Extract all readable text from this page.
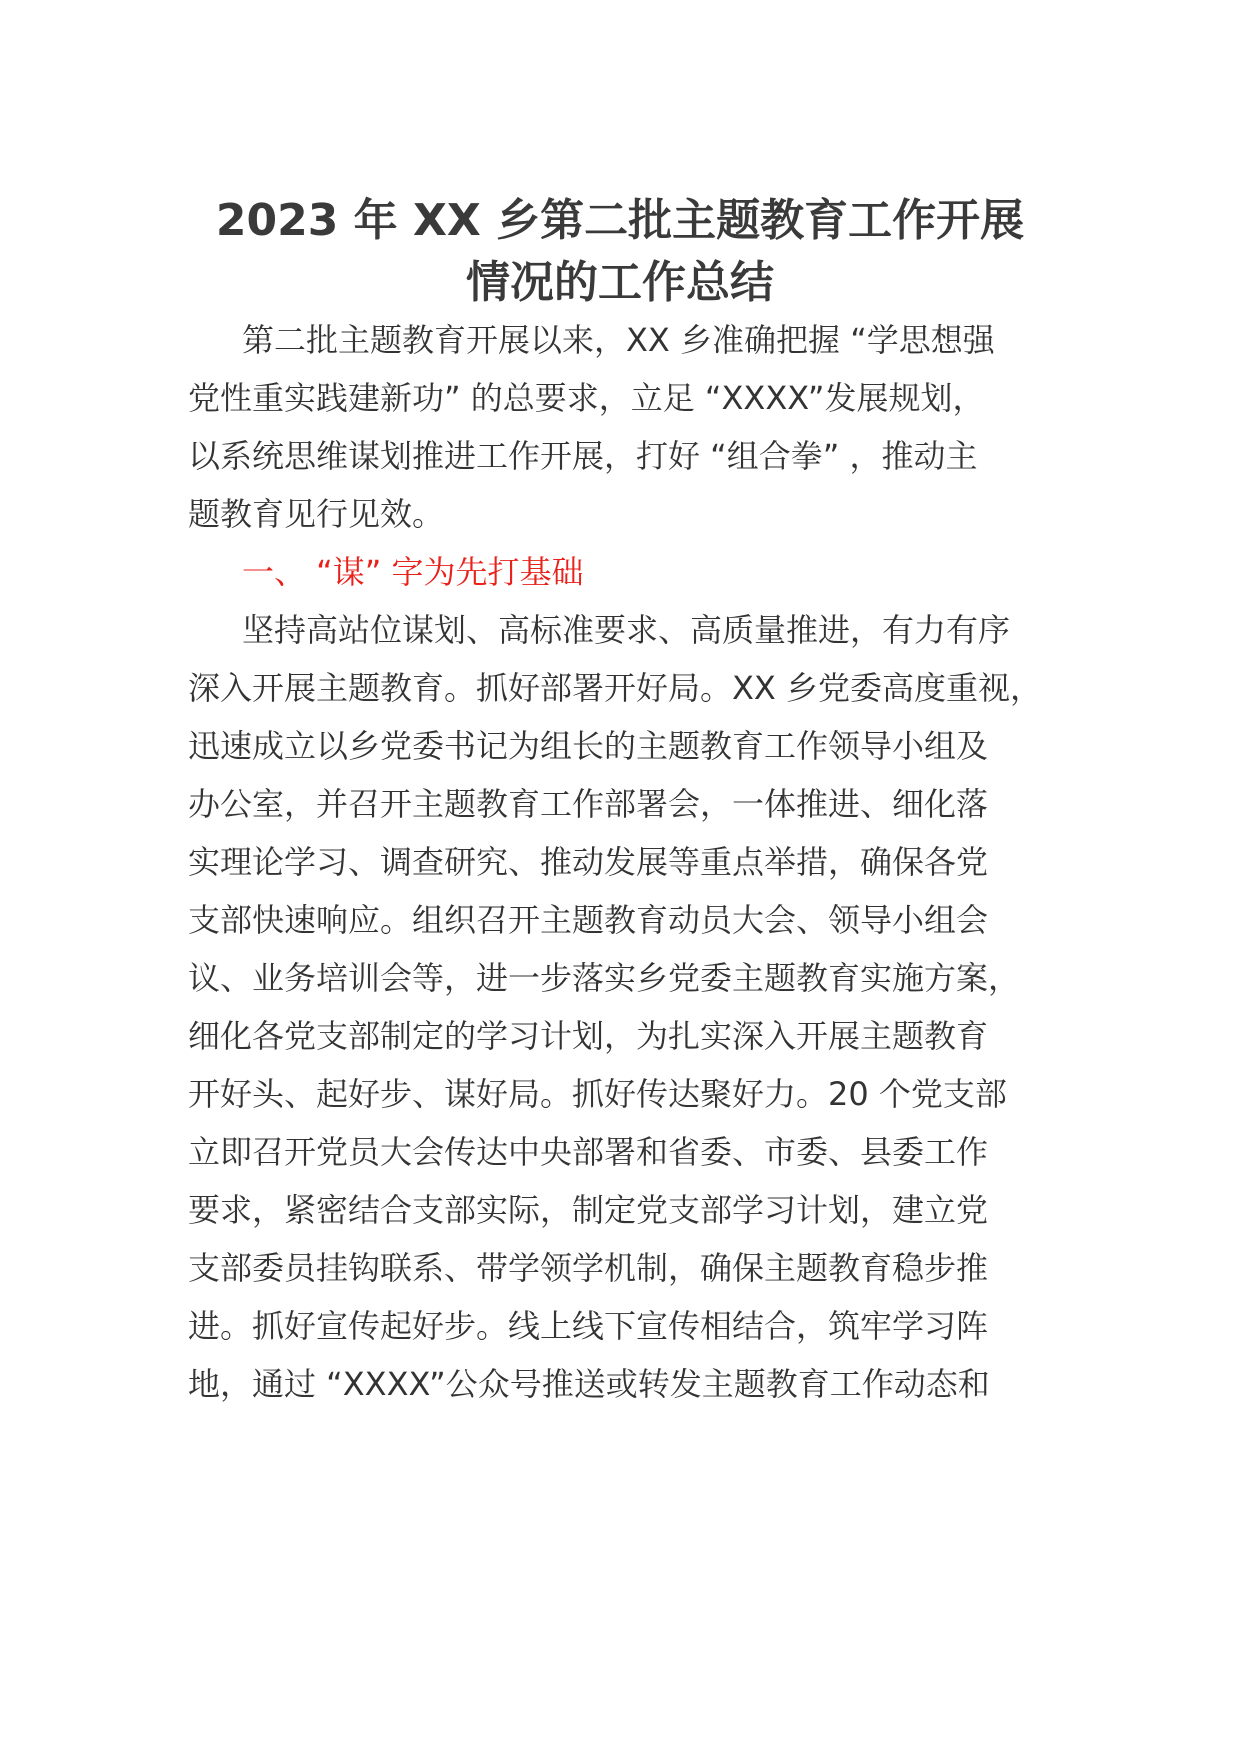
2023 年 XX 乡第二批主题教育工作开展
情况的工作总结
第二批主题教育开展以来，XX 乡准确把握 “学思想强
党性重实践建新功” 的总要求，立足 “XXXX”发展规划，
以系统思维谋划推进工作开展，打好 “组合拳” ，推动主
题教育见行见效。
一、 “谋” 字为先打基础
坚持高站位谋划、高标准要求、高质量推进，有力有序
深入开展主题教育。抓好部署开好局。XX 乡党委高度重视，
迅速成立以乡党委书记为组长的主题教育工作领导小组及
办公室，并召开主题教育工作部署会，一体推进、细化落
实理论学习、调查研究、推动发展等重点举措，确保各党
支部快速响应。组织召开主题教育动员大会、领导小组会
议、业务培训会等，进一步落实乡党委主题教育实施方案，
细化各党支部制定的学习计划，为扎实深入开展主题教育
开好头、起好步、谋好局。抓好传达聚好力。20 个党支部
立即召开党员大会传达中央部署和省委、市委、县委工作
要求，紧密结合支部实际，制定党支部学习计划，建立党
支部委员挂钩联系、带学领学机制，确保主题教育稳步推
进。抓好宣传起好步。线上线下宣传相结合，筑牢学习阵
地，通过 “XXXX”公众号推送或转发主题教育工作动态和
